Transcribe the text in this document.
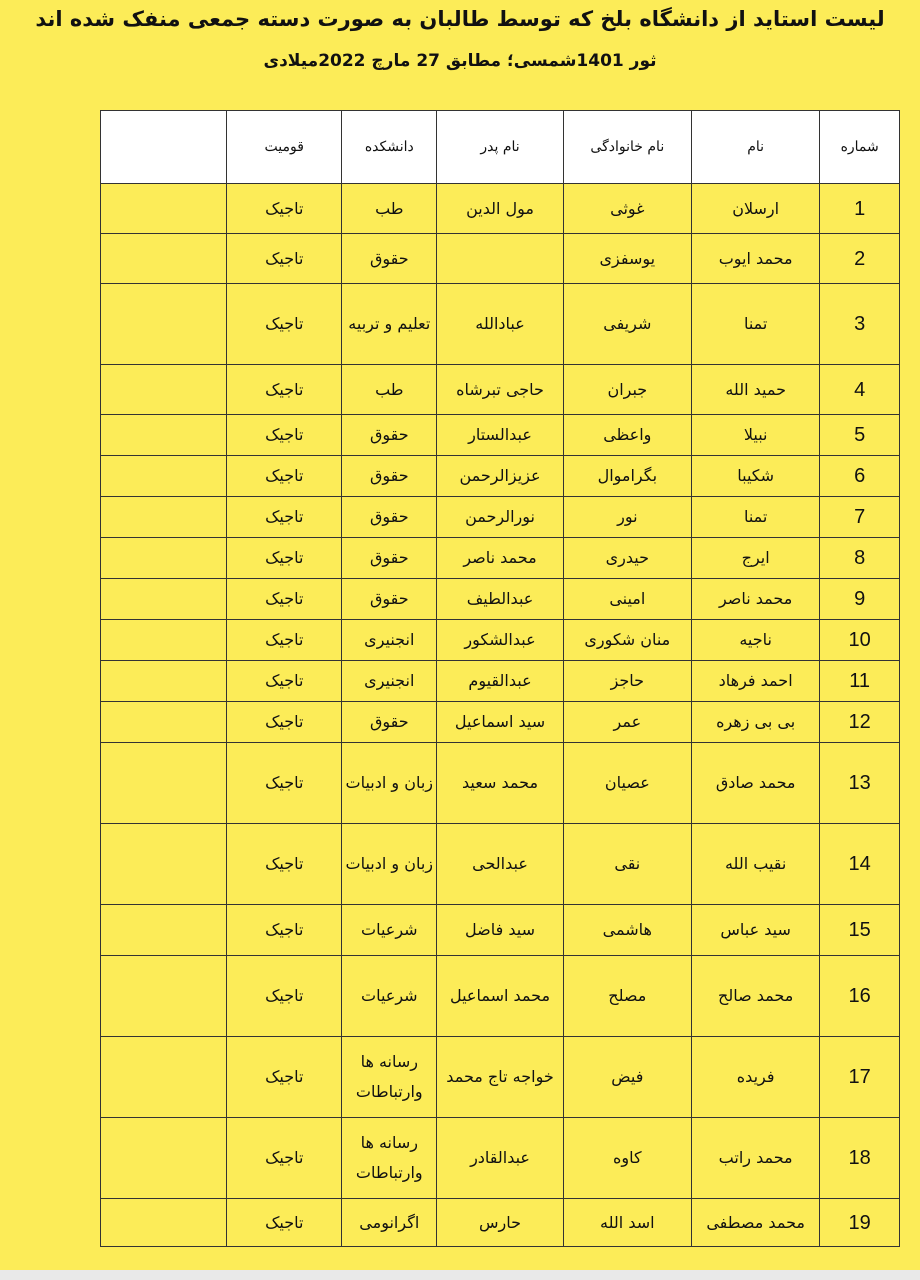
لیست استاید از دانشگاه بلخ که توسط طالبان به صورت دسته جمعی منفک شده اند
ثور 1401شمسی؛ مطابق 27 مارچ 2022میلادی
شماره	نام	نام خانوادگی	نام پدر	دانشکده	قومیت	
1	ارسلان	غوثی	مول الدین	طب	تاجیک	
2	محمد ایوب	یوسفزی		حقوق	تاجیک	
3	تمنا	شریفی	عبادالله	تعلیم و تربیه	تاجیک	
4	حمید الله	جبران	حاجی تبرشاه	طب	تاجیک	
5	نبیلا	واعظی	عبدالستار	حقوق	تاجیک	
6	شکیبا	بگراموال	عزیزالرحمن	حقوق	تاجیک	
7	تمنا	نور	نورالرحمن	حقوق	تاجیک	
8	ایرج	حیدری	محمد ناصر	حقوق	تاجیک	
9	محمد ناصر	امینی	عبدالطیف	حقوق	تاجیک	
10	ناجیه	منان شکوری	عبدالشکور	انجنیری	تاجیک	
11	احمد فرهاد	حاجز	عبدالقیوم	انجنیری	تاجیک	
12	بی بی زهره	عمر	سید اسماعیل	حقوق	تاجیک	
13	محمد صادق	عصیان	محمد سعید	زبان و ادبیات	تاجیک	
14	نقیب الله	نقی	عبدالحی	زبان و ادبیات	تاجیک	
15	سید عباس	هاشمی	سید فاضل	شرعیات	تاجیک	
16	محمد صالح	مصلح	محمد اسماعیل	شرعیات	تاجیک	
17	فریده	فیض	خواجه تاج محمد	رسانه ها وارتباطات	تاجیک	
18	محمد راتب	کاوه	عبدالقادر	رسانه ها وارتباطات	تاجیک	
19	محمد مصطفی	اسد الله	حارس	اگرانومی	تاجیک	
